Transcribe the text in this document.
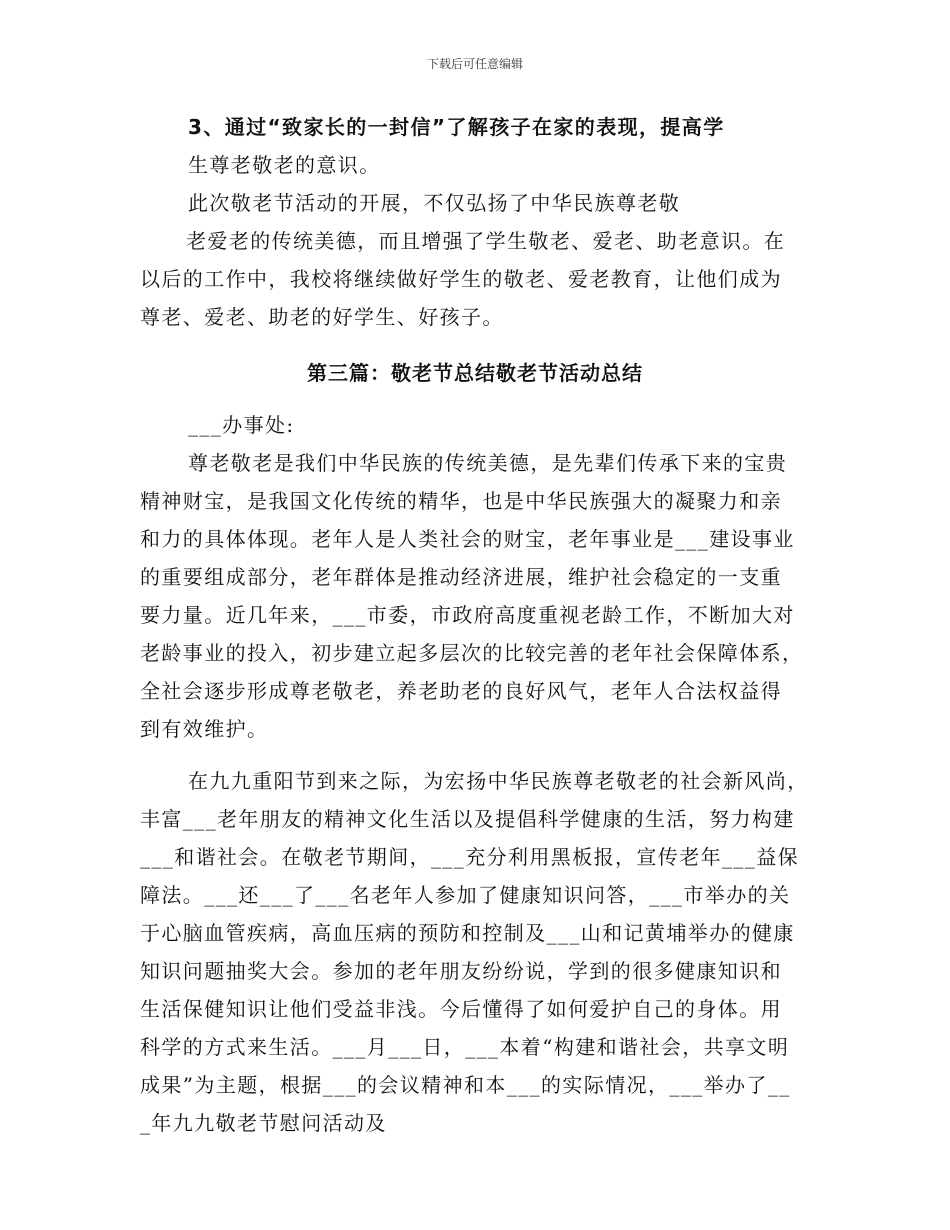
下载后可任意编辑
3、通过“致家长的一封信”了解孩子在家的表现，提高学
生尊老敬老的意识。
此次敬老节活动的开展，不仅弘扬了中华民族尊老敬
老爱老的传统美德，而且增强了学生敬老、爱老、助老意识。在
以后的工作中，我校将继续做好学生的敬老、爱老教育，让他们成为
尊老、爱老、助老的好学生、好孩子。
第三篇：敬老节总结敬老节活动总结
___办事处:
尊老敬老是我们中华民族的传统美德，是先辈们传承下来的宝贵
精神财宝，是我国文化传统的精华，也是中华民族强大的凝聚力和亲
和力的具体体现。老年人是人类社会的财宝，老年事业是___建设事业
的重要组成部分，老年群体是推动经济进展，维护社会稳定的一支重
要力量。近几年来，___市委，市政府高度重视老龄工作，不断加大对
老龄事业的投入，初步建立起多层次的比较完善的老年社会保障体系，
全社会逐步形成尊老敬老，养老助老的良好风气，老年人合法权益得
到有效维护。
在九九重阳节到来之际，为宏扬中华民族尊老敬老的社会新风尚，
丰富___老年朋友的精神文化生活以及提倡科学健康的生活，努力构建
___和谐社会。在敬老节期间，___充分利用黑板报，宣传老年___益保
障法。___还___了___名老年人参加了健康知识问答，___市举办的关
于心脑血管疾病，高血压病的预防和控制及___山和记黄埔举办的健康
知识问题抽奖大会。参加的老年朋友纷纷说，学到的很多健康知识和
生活保健知识让他们受益非浅。今后懂得了如何爱护自己的身体。用
科学的方式来生活。___月___日，___本着“构建和谐社会，共享文明
成果”为主题，根据___的会议精神和本___的实际情况，___举办了__
_年九九敬老节慰问活动及
